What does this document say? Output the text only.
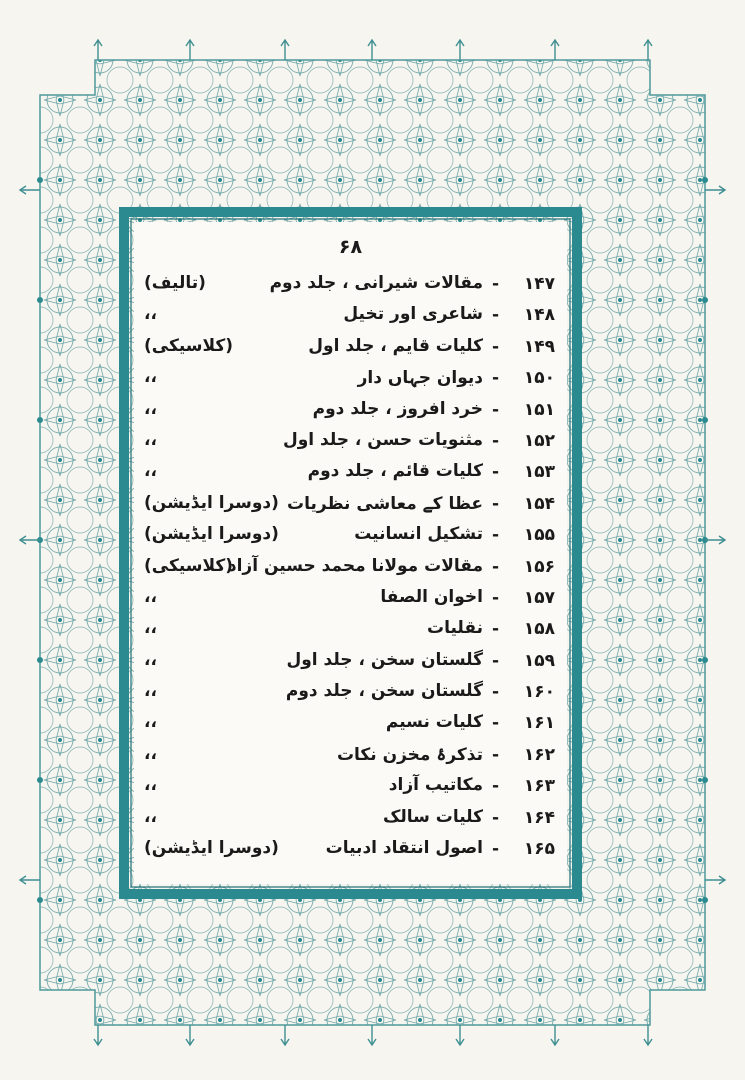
۶۸
۱۴۷
-
مقالات شیرانی ، جلد دوم
(تالیف)
۱۴۸
-
شاعری اور تخیل
،،
۱۴۹
-
کلیات قایم ، جلد اول
(کلاسیکی)
۱۵۰
-
دیوان جہاں دار
،،
۱۵۱
-
خرد افروز ، جلد دوم
،،
۱۵۲
-
مثنویات حسن ، جلد اول
،،
۱۵۳
-
کلیات قائم ، جلد دوم
،،
۱۵۴
-
عظا کے معاشی نظریات
(دوسرا ایڈیشن)
۱۵۵
-
تشکیل انسانیت
(دوسرا ایڈیشن)
۱۵۶
-
مقالات مولانا محمد حسین آزاد
(کلاسیکی)
۱۵۷
-
اخوان الصفا
،،
۱۵۸
-
نقلیات
،،
۱۵۹
-
گلستان سخن ، جلد اول
،،
۱۶۰
-
گلستان سخن ، جلد دوم
،،
۱۶۱
-
کلیات نسیم
،،
۱۶۲
-
تذکرۂ مخزن نکات
،،
۱۶۳
-
مکاتیب آزاد
،،
۱۶۴
-
کلیات سالک
،،
۱۶۵
-
اصول انتقاد ادبیات
(دوسرا ایڈیشن)
